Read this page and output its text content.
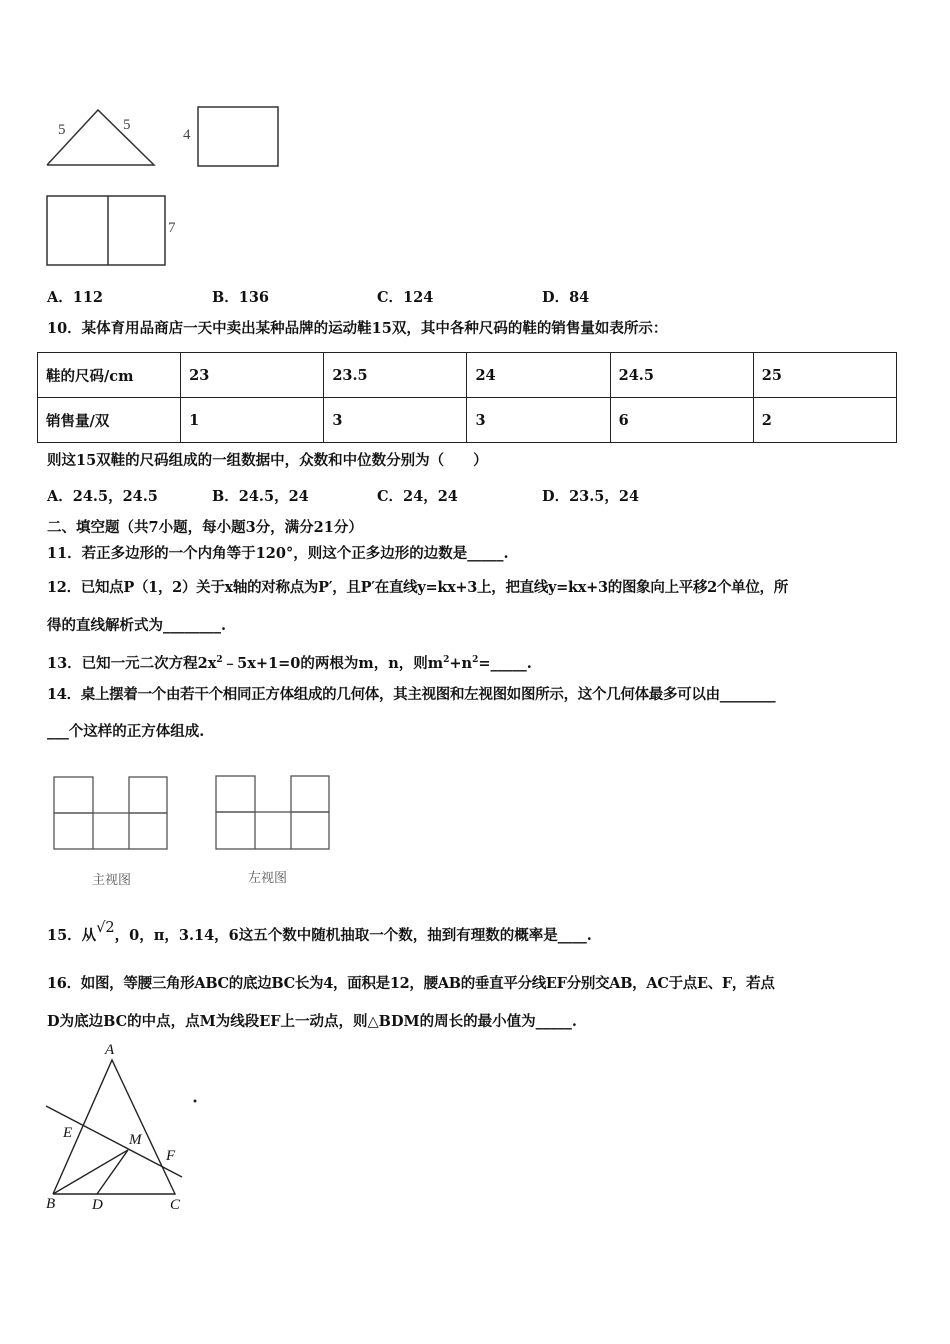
5	5
4
7
A．112	B．136	C．124	D．84
10．某体育用品商店一天中卖出某种品牌的运动鞋15双，其中各种尺码的鞋的销售量如表所示：
鞋的尺码/cm	23	23.5	24	24.5	25
销售量/双	1	3	3	6	2
则这15双鞋的尺码组成的一组数据中，众数和中位数分别为（　　）
A．24.5，24.5	B．24.5，24	C．24，24	D．23.5，24
二、填空题（共7小题，每小题3分，满分21分）
11．若正多边形的一个内角等于120°，则这个正多边形的边数是_____.
12．已知点P（1，2）关于x轴的对称点为P′，且P′在直线y=kx+3上，把直线y=kx+3的图象向上平移2个单位，所
得的直线解析式为________.
13．已知一元二次方程$2x^2﹣5x+1=0$的两根为m，n，则$m^2+n^2=\_\_\_\_\_$.
14．桌上摆着一个由若干个相同正方体组成的几何体，其主视图和左视图如图所示，这个几何体最多可以由________
___个这样的正方体组成.
主视图	左视图
15．从√2，0，π，3.14，6这五个数中随机抽取一个数，抽到有理数的概率是____.
16．如图，等腰三角形ABC的底边BC长为4，面积是12，腰AB的垂直平分线EF分别交AB，AC于点E、F，若点
D为底边BC的中点，点M为线段EF上一动点，则△BDM的周长的最小值为_____.
A
E	M
F
B D	C
